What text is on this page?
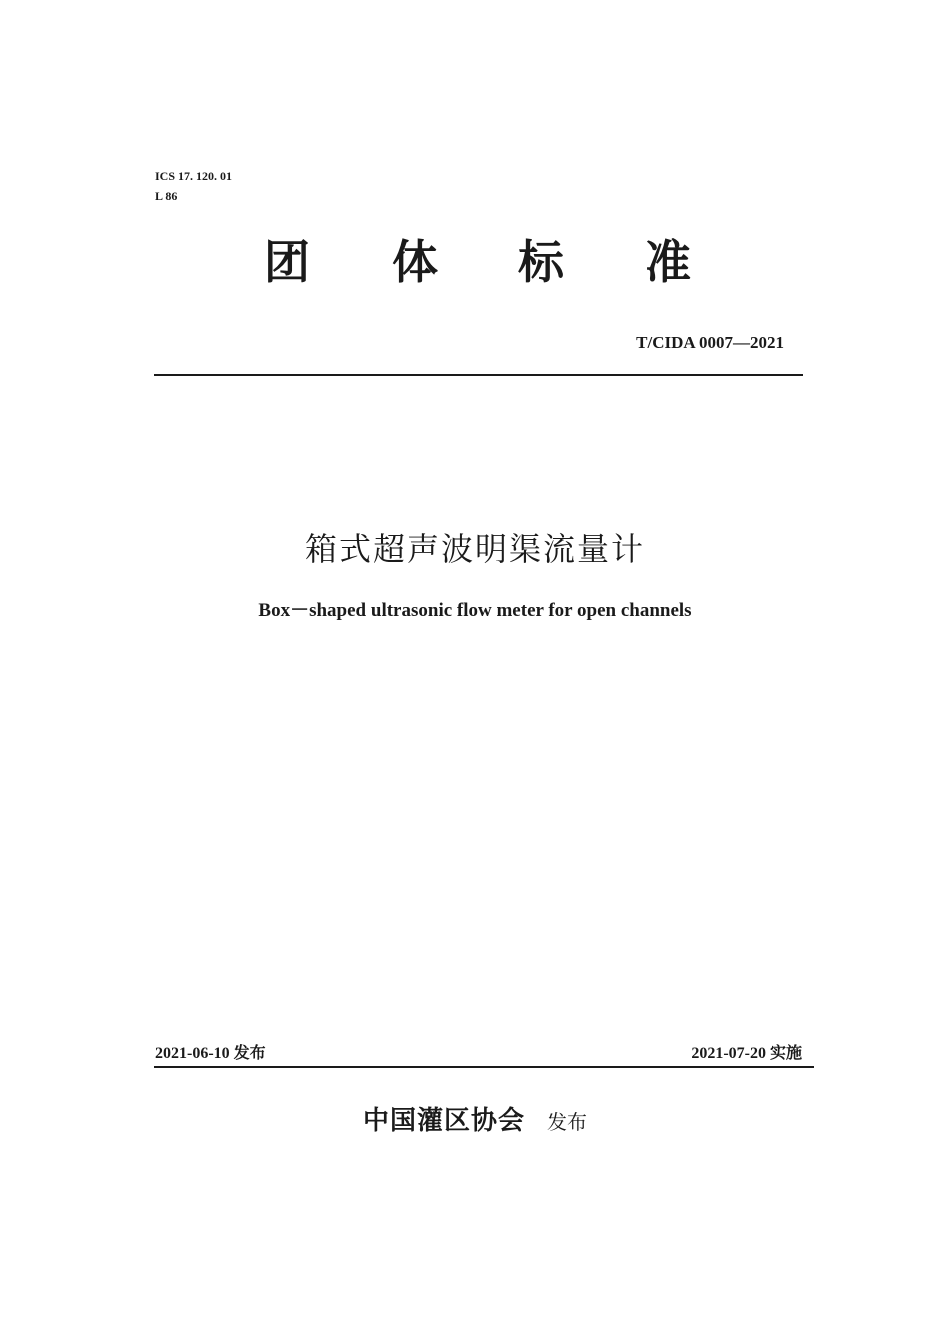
ICS 17. 120. 01
L 86
团 体 标 准
T/CIDA 0007—2021
箱式超声波明渠流量计
Box－shaped ultrasonic flow meter for open channels
2021-06-10 发布	2021-07-20 实施
中国灌区协会 发布
